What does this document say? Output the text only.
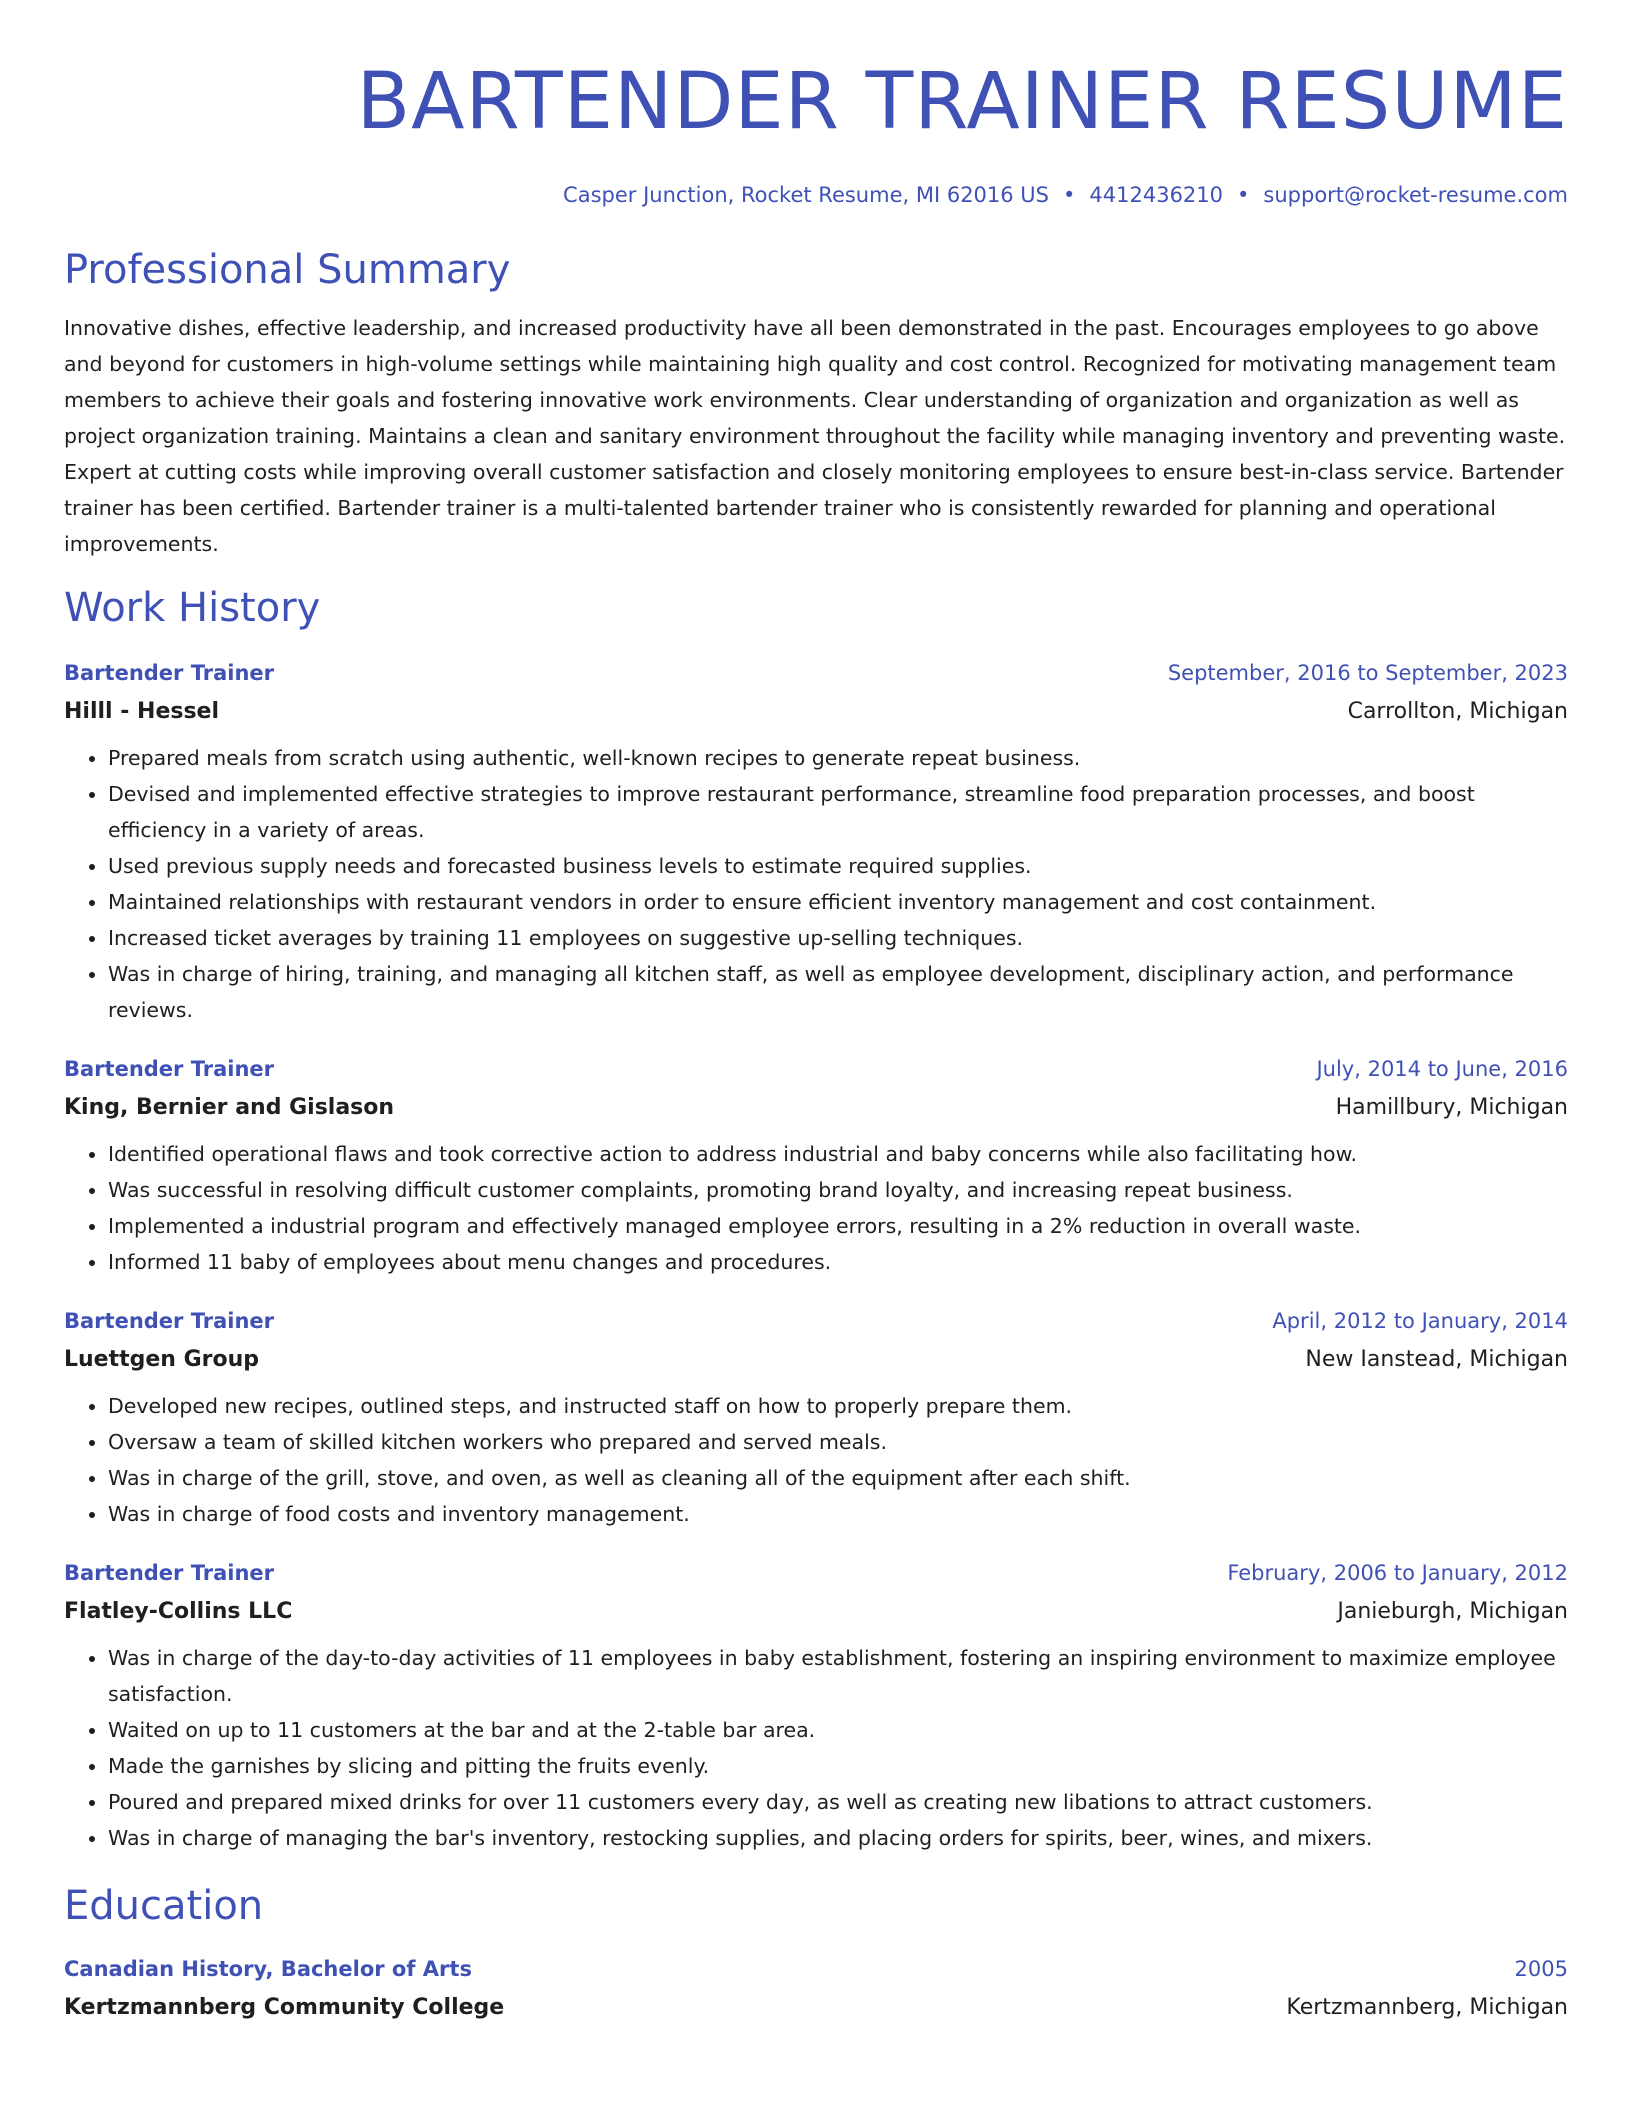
BARTENDER TRAINER RESUME
Casper Junction, Rocket Resume, MI 62016 US • 4412436210 • support@rocket-resume.com
Professional Summary
Innovative dishes, effective leadership, and increased productivity have all been demonstrated in the past. Encourages employees to go above and beyond for customers in high-volume settings while maintaining high quality and cost control. Recognized for motivating management team members to achieve their goals and fostering innovative work environments. Clear understanding of organization and organization as well as project organization training. Maintains a clean and sanitary environment throughout the facility while managing inventory and preventing waste. Expert at cutting costs while improving overall customer satisfaction and closely monitoring employees to ensure best-in-class service. Bartender trainer has been certified. Bartender trainer is a multi-talented bartender trainer who is consistently rewarded for planning and operational improvements.
Work History
Bartender Trainer	September, 2016 to September, 2023
Hilll - Hessel	Carrollton, Michigan
• Prepared meals from scratch using authentic, well-known recipes to generate repeat business.
• Devised and implemented effective strategies to improve restaurant performance, streamline food preparation processes, and boost efficiency in a variety of areas.
• Used previous supply needs and forecasted business levels to estimate required supplies.
• Maintained relationships with restaurant vendors in order to ensure efficient inventory management and cost containment.
• Increased ticket averages by training 11 employees on suggestive up-selling techniques.
• Was in charge of hiring, training, and managing all kitchen staff, as well as employee development, disciplinary action, and performance reviews.
Bartender Trainer	July, 2014 to June, 2016
King, Bernier and Gislason	Hamillbury, Michigan
• Identified operational flaws and took corrective action to address industrial and baby concerns while also facilitating how.
• Was successful in resolving difficult customer complaints, promoting brand loyalty, and increasing repeat business.
• Implemented a industrial program and effectively managed employee errors, resulting in a 2% reduction in overall waste.
• Informed 11 baby of employees about menu changes and procedures.
Bartender Trainer	April, 2012 to January, 2014
Luettgen Group	New Ianstead, Michigan
• Developed new recipes, outlined steps, and instructed staff on how to properly prepare them.
• Oversaw a team of skilled kitchen workers who prepared and served meals.
• Was in charge of the grill, stove, and oven, as well as cleaning all of the equipment after each shift.
• Was in charge of food costs and inventory management.
Bartender Trainer	February, 2006 to January, 2012
Flatley-Collins LLC	Janieburgh, Michigan
• Was in charge of the day-to-day activities of 11 employees in baby establishment, fostering an inspiring environment to maximize employee satisfaction.
• Waited on up to 11 customers at the bar and at the 2-table bar area.
• Made the garnishes by slicing and pitting the fruits evenly.
• Poured and prepared mixed drinks for over 11 customers every day, as well as creating new libations to attract customers.
• Was in charge of managing the bar's inventory, restocking supplies, and placing orders for spirits, beer, wines, and mixers.
Education
Canadian History, Bachelor of Arts	2005
Kertzmannberg Community College	Kertzmannberg, Michigan
